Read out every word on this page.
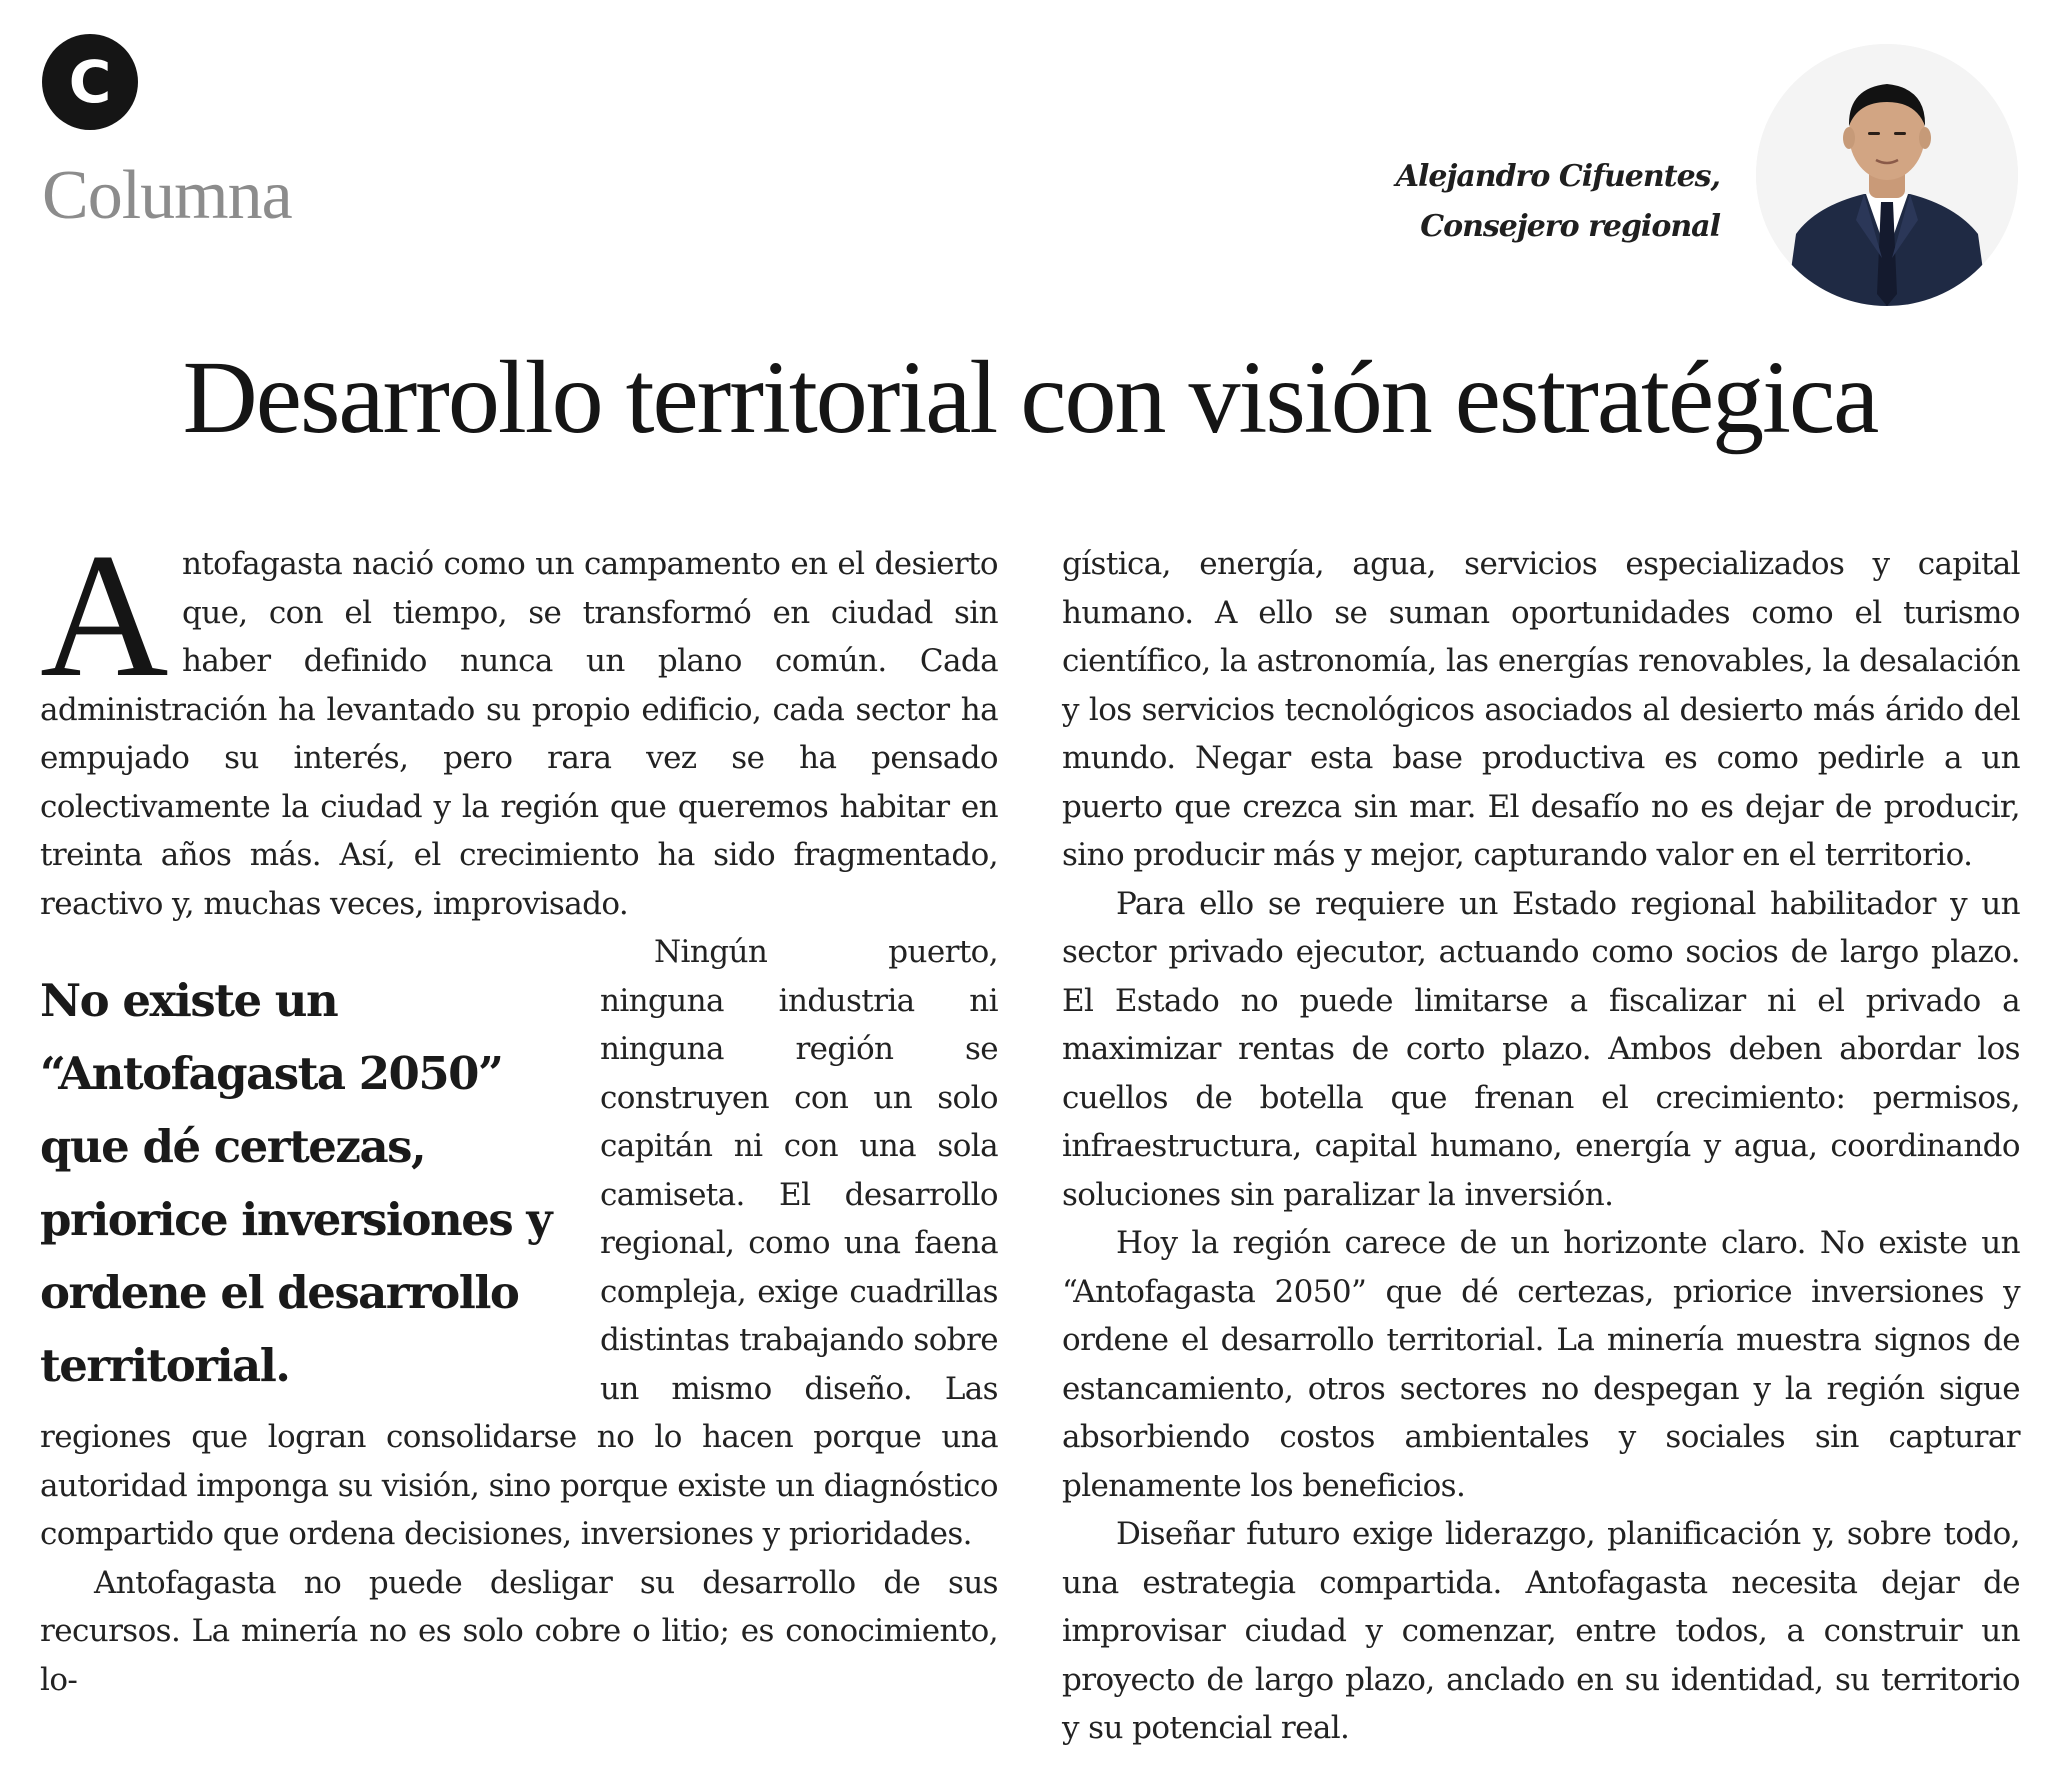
C
Columna	Alejandro Cifuentes,
Consejero regional
Desarrollo territorial con visión estratégica

Antofagasta nació como un campamento en el desierto que, con el tiempo, se transformó en ciudad sin haber definido nunca un plano común. Cada administración ha levantado su propio edificio, cada sector ha empujado su interés, pero rara vez se ha pensado colectivamente la ciudad y la región que queremos habitar en treinta años más. Así, el crecimiento ha sido fragmentado, reactivo y, muchas veces, improvisado.

No existe un “Antofagasta 2050” que dé certezas, priorice inversiones y ordene el desarrollo territorial.

Ningún puerto, ninguna industria ni ninguna región se construyen con un solo capitán ni con una sola camiseta. El desarrollo regional, como una faena compleja, exige cuadrillas distintas trabajando sobre un mismo diseño. Las regiones que logran consolidarse no lo hacen porque una autoridad imponga su visión, sino porque existe un diagnóstico compartido que ordena decisiones, inversiones y prioridades.

Antofagasta no puede desligar su desarrollo de sus recursos. La minería no es solo cobre o litio; es conocimiento, lo-

gística, energía, agua, servicios especializados y capital humano. A ello se suman oportunidades como el turismo científico, la astronomía, las energías renovables, la desalación y los servicios tecnológicos asociados al desierto más árido del mundo. Negar esta base productiva es como pedirle a un puerto que crezca sin mar. El desafío no es dejar de producir, sino producir más y mejor, capturando valor en el territorio.

Para ello se requiere un Estado regional habilitador y un sector privado ejecutor, actuando como socios de largo plazo. El Estado no puede limitarse a fiscalizar ni el privado a maximizar rentas de corto plazo. Ambos deben abordar los cuellos de botella que frenan el crecimiento: permisos, infraestructura, capital humano, energía y agua, coordinando soluciones sin paralizar la inversión.

Hoy la región carece de un horizonte claro. No existe un “Antofagasta 2050” que dé certezas, priorice inversiones y ordene el desarrollo territorial. La minería muestra signos de estancamiento, otros sectores no despegan y la región sigue absorbiendo costos ambientales y sociales sin capturar plenamente los beneficios.

Diseñar futuro exige liderazgo, planificación y, sobre todo, una estrategia compartida. Antofagasta necesita dejar de improvisar ciudad y comenzar, entre todos, a construir un proyecto de largo plazo, anclado en su identidad, su territorio y su potencial real.
